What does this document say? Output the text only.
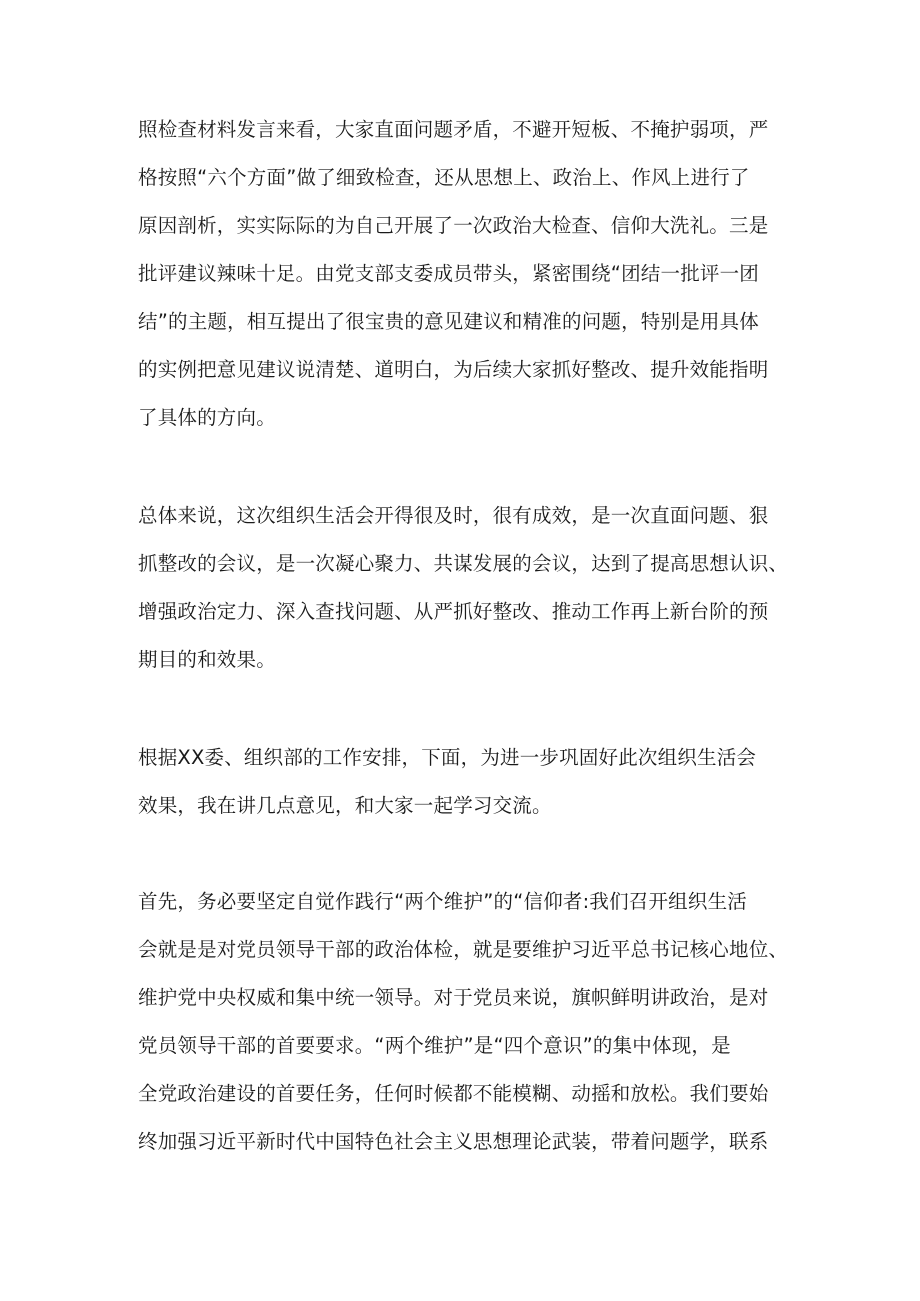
照检查材料发言来看，大家直面问题矛盾，不避开短板、不掩护弱项，严
格按照“六个方面”做了细致检查，还从思想上、政治上、作风上进行了
原因剖析，实实际际的为自己开展了一次政治大检查、信仰大洗礼。三是
批评建议辣味十足。由党支部支委成员带头，紧密围绕“团结一批评一团
结”的主题，相互提出了很宝贵的意见建议和精准的问题，特别是用具体
的实例把意见建议说清楚、道明白，为后续大家抓好整改、提升效能指明
了具体的方向。
总体来说，这次组织生活会开得很及时，很有成效，是一次直面问题、狠
抓整改的会议，是一次凝心聚力、共谋发展的会议，达到了提高思想认识、
增强政治定力、深入查找问题、从严抓好整改、推动工作再上新台阶的预
期目的和效果。
根据XX委、组织部的工作安排，下面，为进一步巩固好此次组织生活会
效果，我在讲几点意见，和大家一起学习交流。
首先，务必要坚定自觉作践行“两个维护”的“信仰者:我们召开组织生活
会就是是对党员领导干部的政治体检，就是要维护习近平总书记核心地位、
维护党中央权威和集中统一领导。对于党员来说，旗帜鲜明讲政治，是对
党员领导干部的首要要求。“两个维护”是“四个意识”的集中体现，是
全党政治建设的首要任务，任何时候都不能模糊、动摇和放松。我们要始
终加强习近平新时代中国特色社会主义思想理论武装，带着问题学，联系
